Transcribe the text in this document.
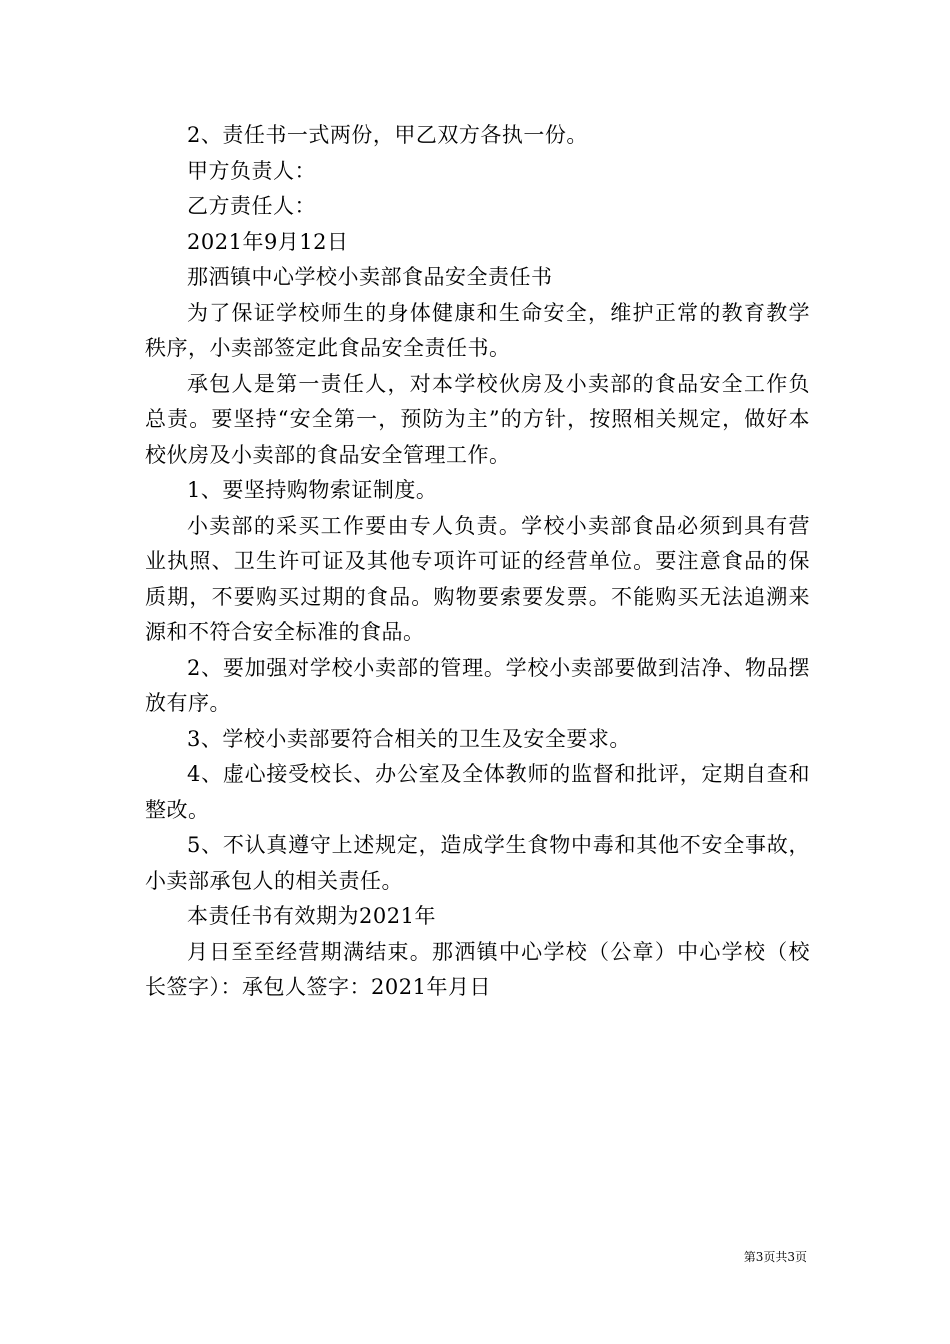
2、责任书一式两份，甲乙双方各执一份。

甲方负责人：

乙方责任人：

2021年9月12日

那洒镇中心学校小卖部食品安全责任书

为了保证学校师生的身体健康和生命安全，维护正常的教育教学秩序，小卖部签定此食品安全责任书。

承包人是第一责任人，对本学校伙房及小卖部的食品安全工作负总责。要坚持“安全第一，预防为主”的方针，按照相关规定，做好本校伙房及小卖部的食品安全管理工作。

1、要坚持购物索证制度。

小卖部的采买工作要由专人负责。学校小卖部食品必须到具有营业执照、卫生许可证及其他专项许可证的经营单位。要注意食品的保质期，不要购买过期的食品。购物要索要发票。不能购买无法追溯来源和不符合安全标准的食品。

2、要加强对学校小卖部的管理。学校小卖部要做到洁净、物品摆放有序。

3、学校小卖部要符合相关的卫生及安全要求。

4、虚心接受校长、办公室及全体教师的监督和批评，定期自查和整改。

5、不认真遵守上述规定，造成学生食物中毒和其他不安全事故，小卖部承包人的相关责任。

本责任书有效期为2021年

月日至至经营期满结束。那洒镇中心学校（公章）中心学校（校长签字）：承包人签字：2021年月日

第3页共3页
